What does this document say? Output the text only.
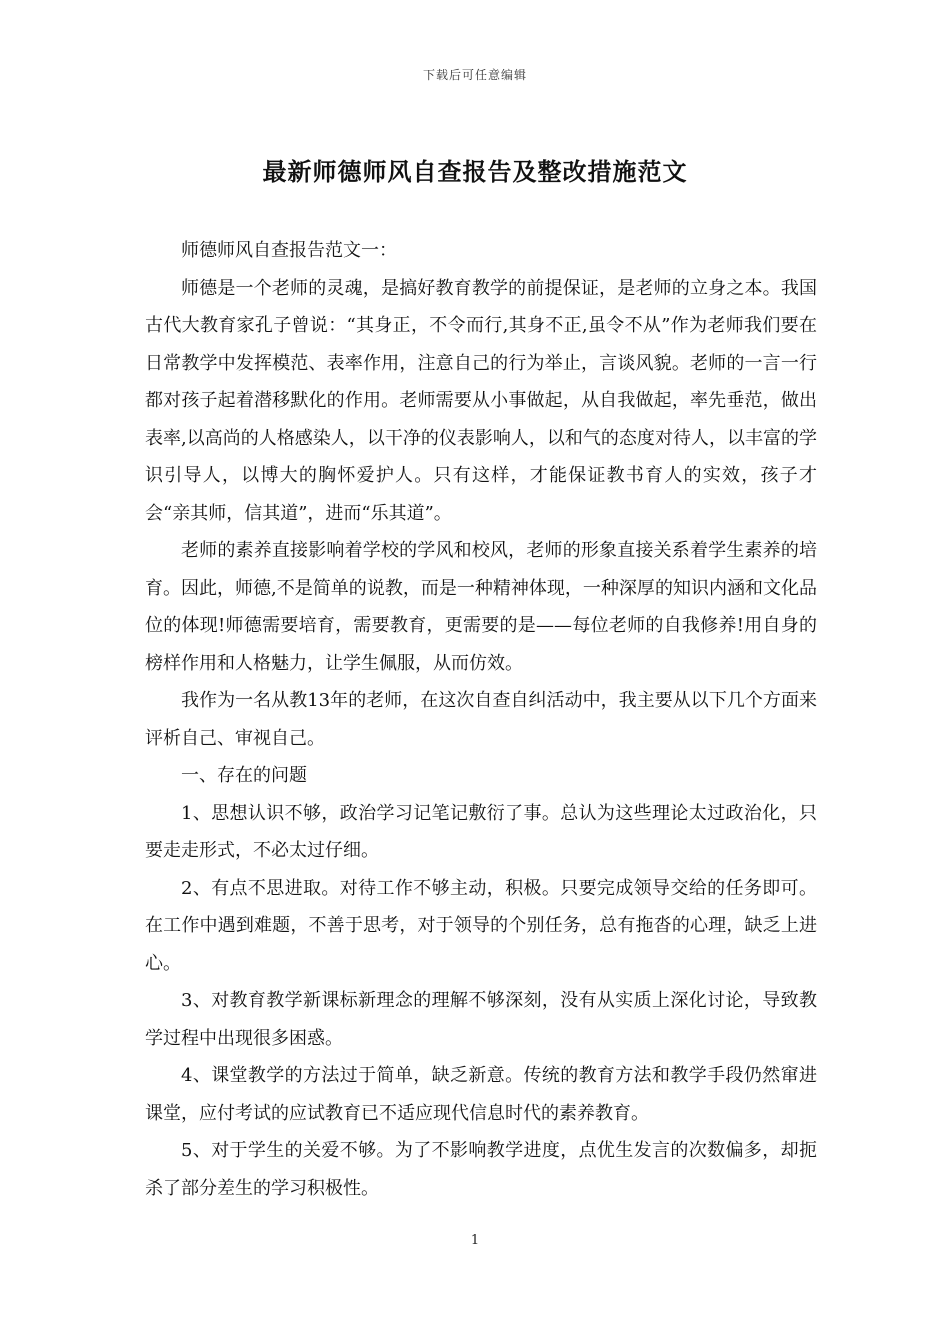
下载后可任意编辑
最新师德师风自查报告及整改措施范文

师德师风自查报告范文一：

师德是一个老师的灵魂，是搞好教育教学的前提保证，是老师的立身之本。我国古代大教育家孔子曾说：“其身正，不令而行,其身不正,虽令不从”作为老师我们要在日常教学中发挥模范、表率作用，注意自己的行为举止，言谈风貌。老师的一言一行都对孩子起着潜移默化的作用。老师需要从小事做起，从自我做起，率先垂范，做出表率,以高尚的人格感染人，以干净的仪表影响人，以和气的态度对待人，以丰富的学识引导人，以博大的胸怀爱护人。只有这样，才能保证教书育人的实效，孩子才会“亲其师，信其道”，进而“乐其道”。

老师的素养直接影响着学校的学风和校风，老师的形象直接关系着学生素养的培育。因此，师德,不是简单的说教，而是一种精神体现，一种深厚的知识内涵和文化品位的体现!师德需要培育，需要教育，更需要的是——每位老师的自我修养!用自身的榜样作用和人格魅力，让学生佩服，从而仿效。

我作为一名从教13年的老师，在这次自查自纠活动中，我主要从以下几个方面来评析自己、审视自己。

一、存在的问题

1、思想认识不够，政治学习记笔记敷衍了事。总认为这些理论太过政治化，只要走走形式，不必太过仔细。

2、有点不思进取。对待工作不够主动，积极。只要完成领导交给的任务即可。在工作中遇到难题，不善于思考，对于领导的个别任务，总有拖沓的心理，缺乏上进心。

3、对教育教学新课标新理念的理解不够深刻，没有从实质上深化讨论，导致教学过程中出现很多困惑。

4、课堂教学的方法过于简单，缺乏新意。传统的教育方法和教学手段仍然窜进课堂，应付考试的应试教育已不适应现代信息时代的素养教育。

5、对于学生的关爱不够。为了不影响教学进度，点优生发言的次数偏多，却扼杀了部分差生的学习积极性。

1
